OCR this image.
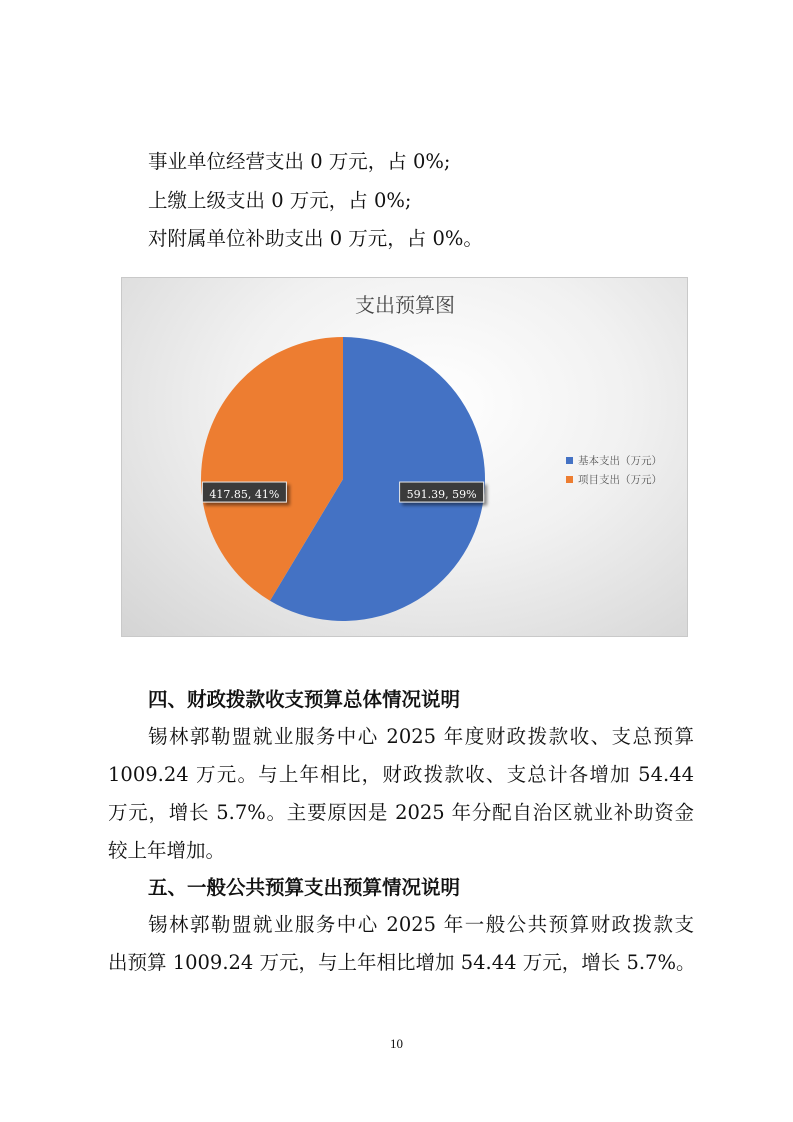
事业单位经营支出 0 万元，占 0%;
上缴上级支出 0 万元，占 0%;
对附属单位补助支出 0 万元，占 0%。
支出预算图
591.39, 59%
417.85, 41%
基本支出（万元）
项目支出（万元）
四、财政拨款收支预算总体情况说明
锡林郭勒盟就业服务中心 2025 年度财政拨款收、支总预算
1009.24 万元。与上年相比，财政拨款收、支总计各增加 54.44
万元，增长 5.7%。主要原因是 2025 年分配自治区就业补助资金
较上年增加。
五、一般公共预算支出预算情况说明
锡林郭勒盟就业服务中心 2025 年一般公共预算财政拨款支
出预算 1009.24 万元，与上年相比增加 54.44 万元，增长 5.7%。
10
